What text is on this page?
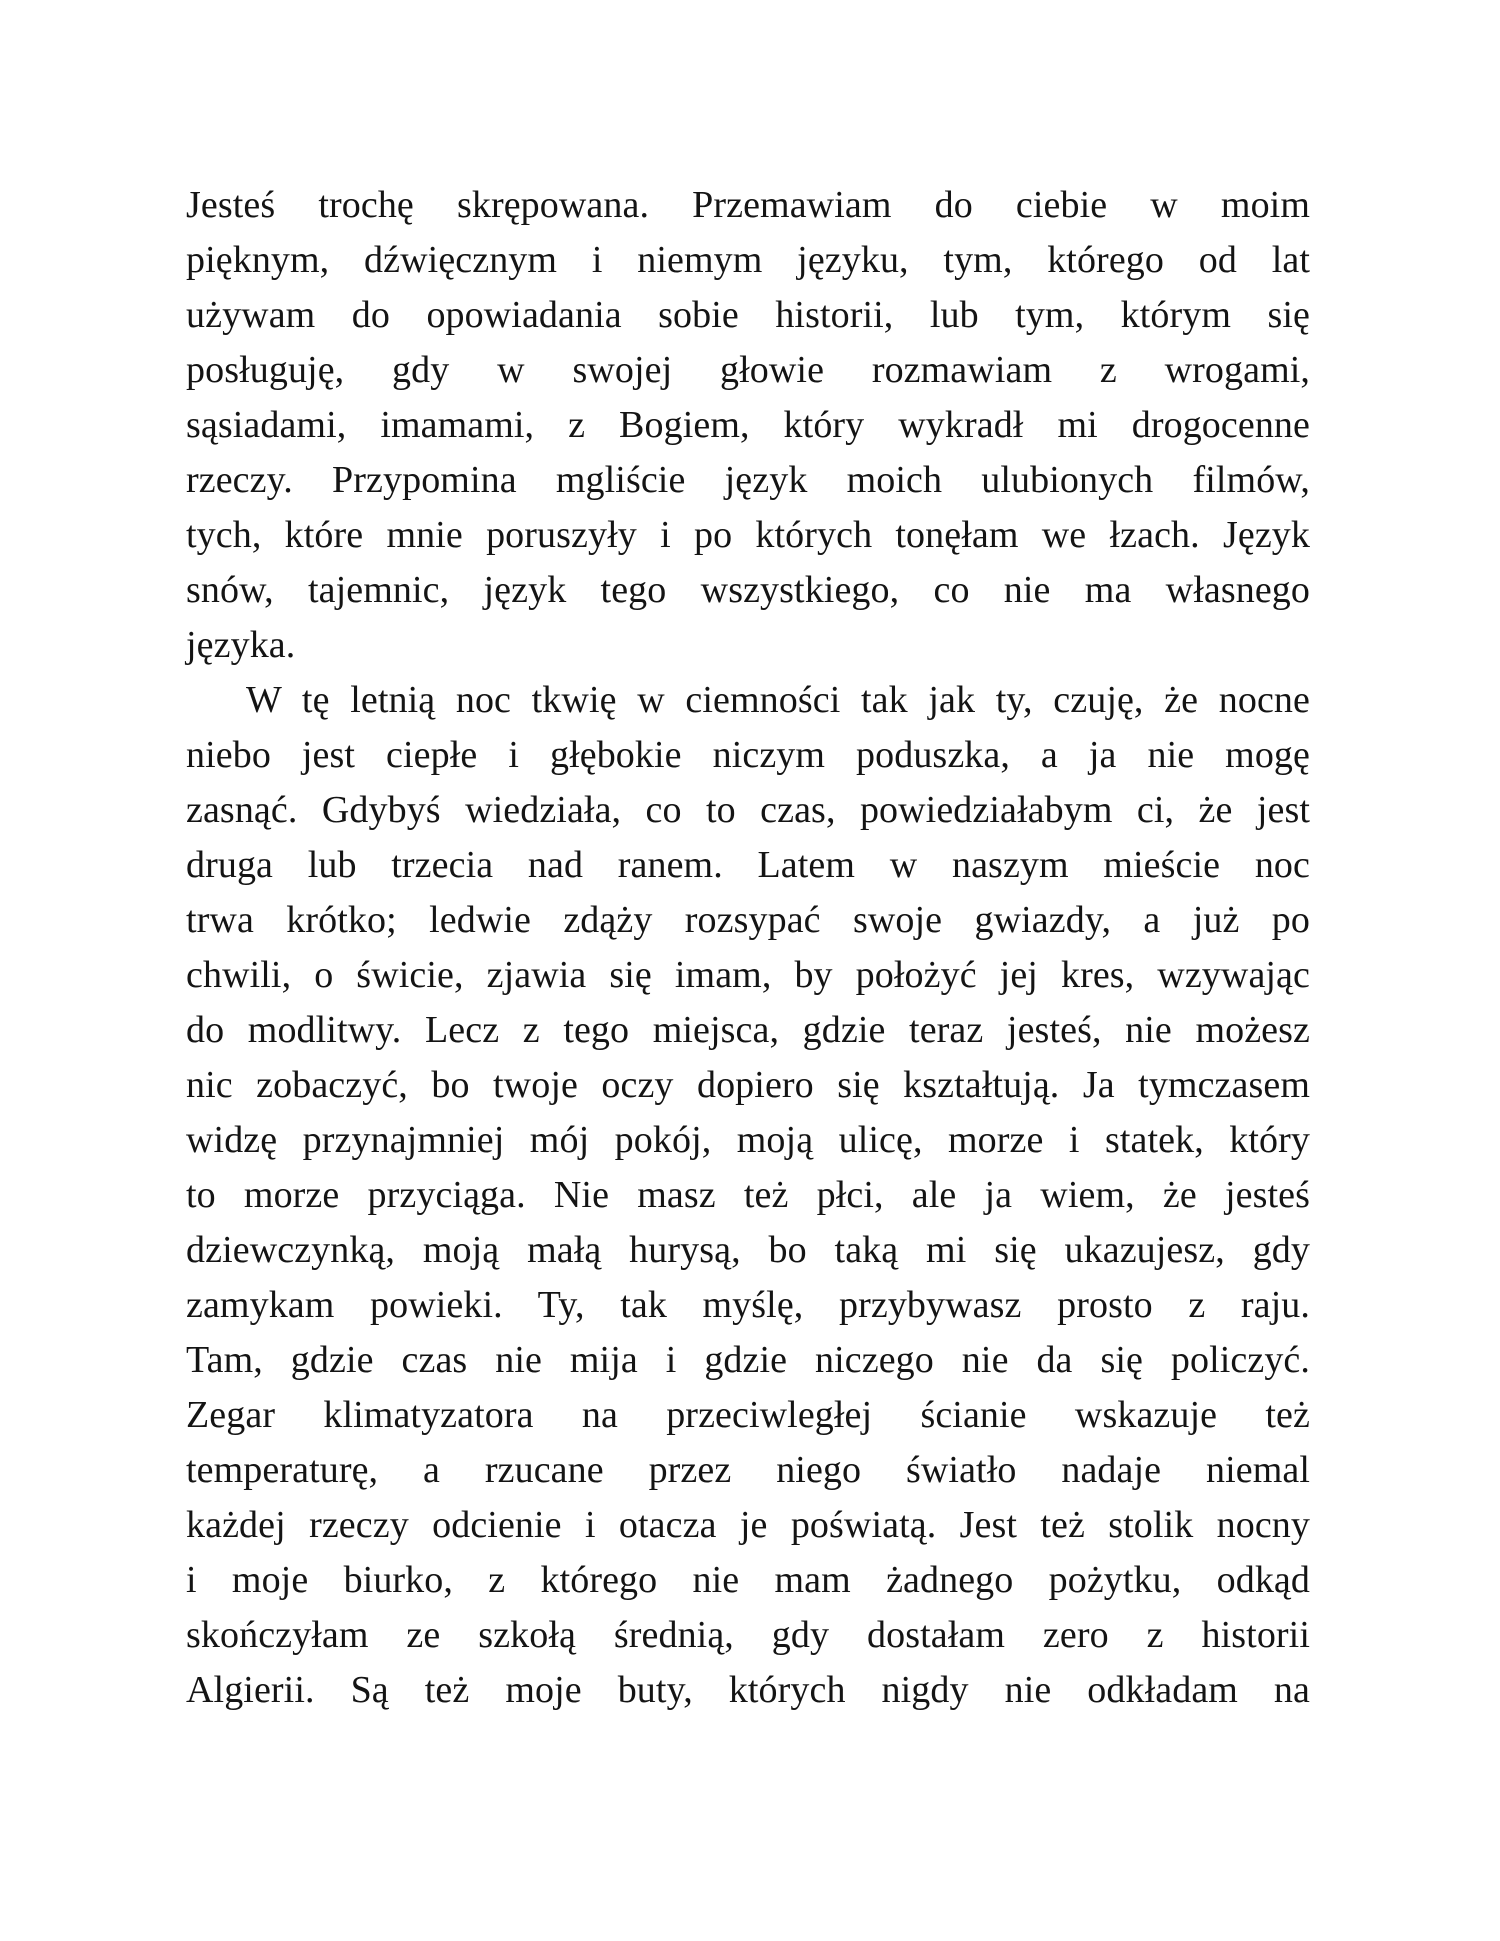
Jesteś trochę skrępowana. Przemawiam do ciebie w moim
pięknym, dźwięcznym i niemym języku, tym, którego od lat
używam do opowiadania sobie historii, lub tym, którym się
posługuję, gdy w swojej głowie rozmawiam z wrogami,
sąsiadami, imamami, z Bogiem, który wykradł mi drogocenne
rzeczy. Przypomina mgliście język moich ulubionych filmów,
tych, które mnie poruszyły i po których tonęłam we łzach. Język
snów, tajemnic, język tego wszystkiego, co nie ma własnego
języka.

W tę letnią noc tkwię w ciemności tak jak ty, czuję, że nocne
niebo jest ciepłe i głębokie niczym poduszka, a ja nie mogę
zasnąć. Gdybyś wiedziała, co to czas, powiedziałabym ci, że jest
druga lub trzecia nad ranem. Latem w naszym mieście noc
trwa krótko; ledwie zdąży rozsypać swoje gwiazdy, a już po
chwili, o świcie, zjawia się imam, by położyć jej kres, wzywając
do modlitwy. Lecz z tego miejsca, gdzie teraz jesteś, nie możesz
nic zobaczyć, bo twoje oczy dopiero się kształtują. Ja tymczasem
widzę przynajmniej mój pokój, moją ulicę, morze i statek, który
to morze przyciąga. Nie masz też płci, ale ja wiem, że jesteś
dziewczynką, moją małą hurysą, bo taką mi się ukazujesz, gdy
zamykam powieki. Ty, tak myślę, przybywasz prosto z raju.
Tam, gdzie czas nie mija i gdzie niczego nie da się policzyć.
Zegar klimatyzatora na przeciwległej ścianie wskazuje też
temperaturę, a rzucane przez niego światło nadaje niemal
każdej rzeczy odcienie i otacza je poświatą. Jest też stolik nocny
i moje biurko, z którego nie mam żadnego pożytku, odkąd
skończyłam ze szkołą średnią, gdy dostałam zero z historii
Algierii. Są też moje buty, których nigdy nie odkładam na
